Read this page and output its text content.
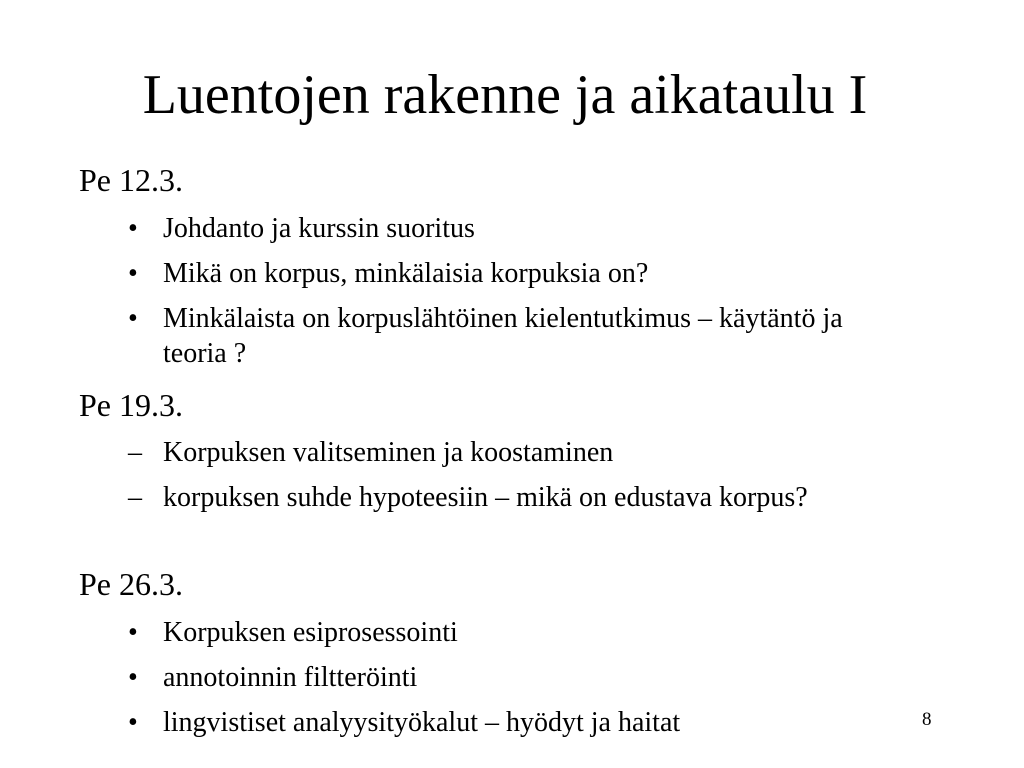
Luentojen rakenne ja aikataulu I
Pe 12.3.
• Johdanto ja kurssin suoritus
• Mikä on korpus, minkälaisia korpuksia on?
• Minkälaista on korpuslähtöinen kielentutkimus – käytäntö ja teoria ?
Pe 19.3.
– Korpuksen valitseminen ja koostaminen
– korpuksen suhde hypoteesiin – mikä on edustava korpus?
Pe 26.3.
• Korpuksen esiprosessointi
• annotoinnin filtteröinti
• lingvistiset analyysityökalut – hyödyt ja haitat	8
